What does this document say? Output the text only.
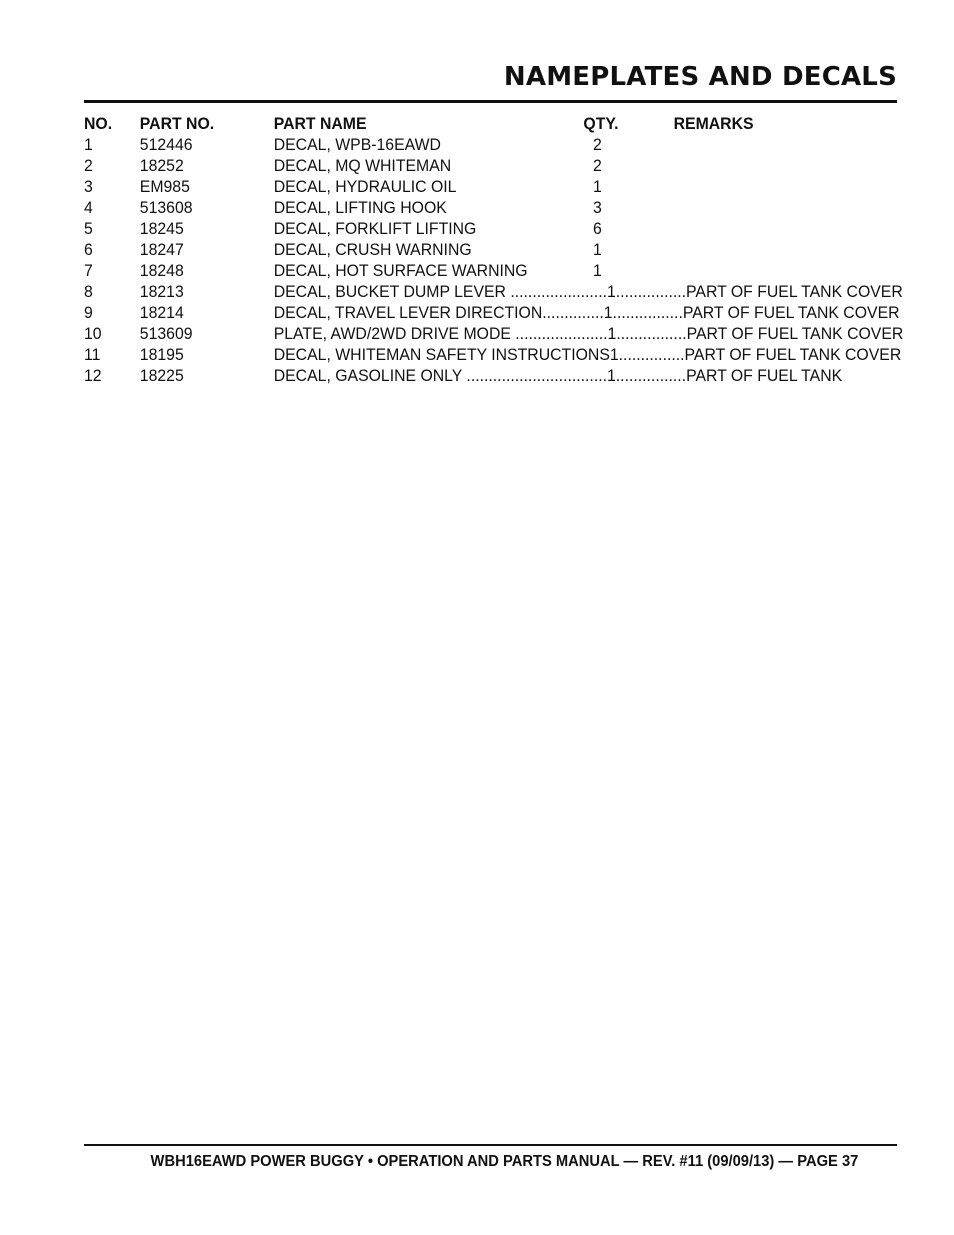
NAMEPLATES AND DECALS
NO. PART NO.	PART NAME	QTY.	REMARKS
1	512446	DECAL, WPB-16EAWD	2
2	18252	DECAL, MQ WHITEMAN	2
3	EM985	DECAL, HYDRAULIC OIL	1
4	513608	DECAL, LIFTING HOOK	3
5	18245	DECAL, FORKLIFT LIFTING	6
6	18247	DECAL, CRUSH WARNING	1
7	18248	DECAL, HOT SURFACE WARNING	1
8	18213	DECAL, BUCKET DUMP LEVER ......................1................PART OF FUEL TANK COVER
9	18214	DECAL, TRAVEL LEVER DIRECTION..............1................PART OF FUEL TANK COVER
10 513609	PLATE, AWD/2WD DRIVE MODE .....................1................PART OF FUEL TANK COVER
11 18195	DECAL, WHITEMAN SAFETY INSTRUCTIONS1...............PART OF FUEL TANK COVER
12 18225	DECAL, GASOLINE ONLY ................................1................PART OF FUEL TANK

WBH16EAWD POWER BUGGY • OPERATION AND PARTS MANUAL — REV. #11 (09/09/13) — PAGE 37
